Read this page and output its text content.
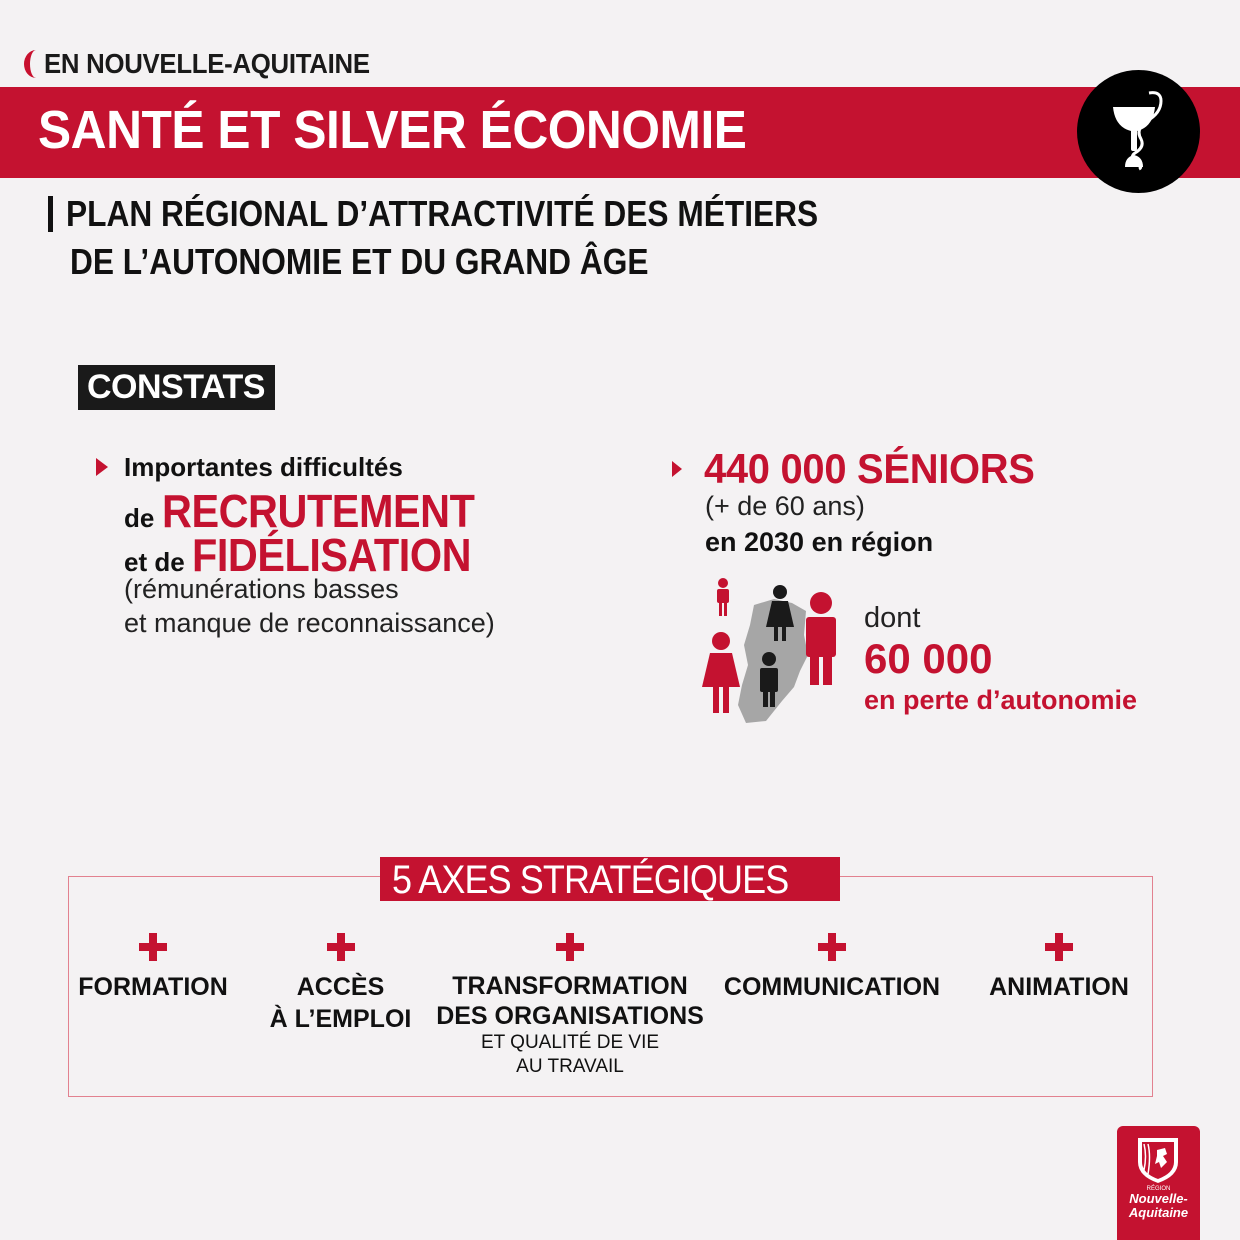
EN NOUVELLE-AQUITAINE
SANTÉ ET SILVER ÉCONOMIE
PLAN RÉGIONAL D’ATTRACTIVITÉ DES MÉTIERS
DE L’AUTONOMIE ET DU GRAND ÂGE
CONSTATS
Importantes difficultés
de RECRUTEMENT
et de FIDÉLISATION
(rémunérations basses
et manque de reconnaissance)
440 000 SÉNIORS
(+ de 60 ans)
en 2030 en région
dont
60 000
en perte d’autonomie
5 AXES STRATÉGIQUES
FORMATION	ACCÈS
À L’EMPLOI
TRANSFORMATION
DES ORGANISATIONS
ET QUALITÉ DE VIE
AU TRAVAIL
COMMUNICATION ANIMATION
RÉGION
Nouvelle-
Aquitaine
